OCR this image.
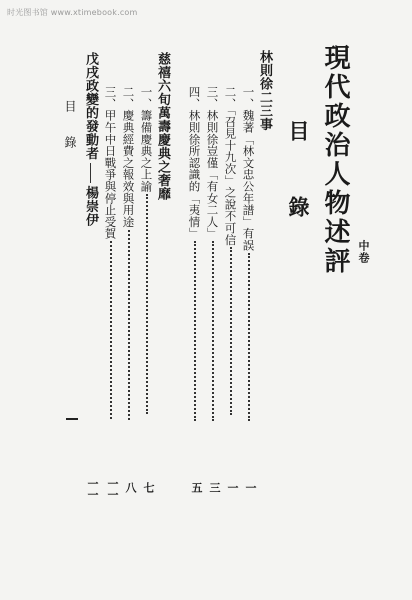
时光图书馆 www.xtimebook.com
現代政治人物述評 中卷
目 錄
林則徐二三事
一、魏著「林文忠公年譜」有誤
一
二、「召見十九次」之說不可信
一
三、林則徐豈僅「有女二人」
三
四、林則徐所認識的「夷情」
五
慈禧六旬萬壽慶典之奢靡
一、籌備慶典之上諭
七
二、慶典經費之報效與用途
八
三、甲午中日戰爭與停止受賀
一一
戊戌政變的發動者楊崇伊
一一
目錄
